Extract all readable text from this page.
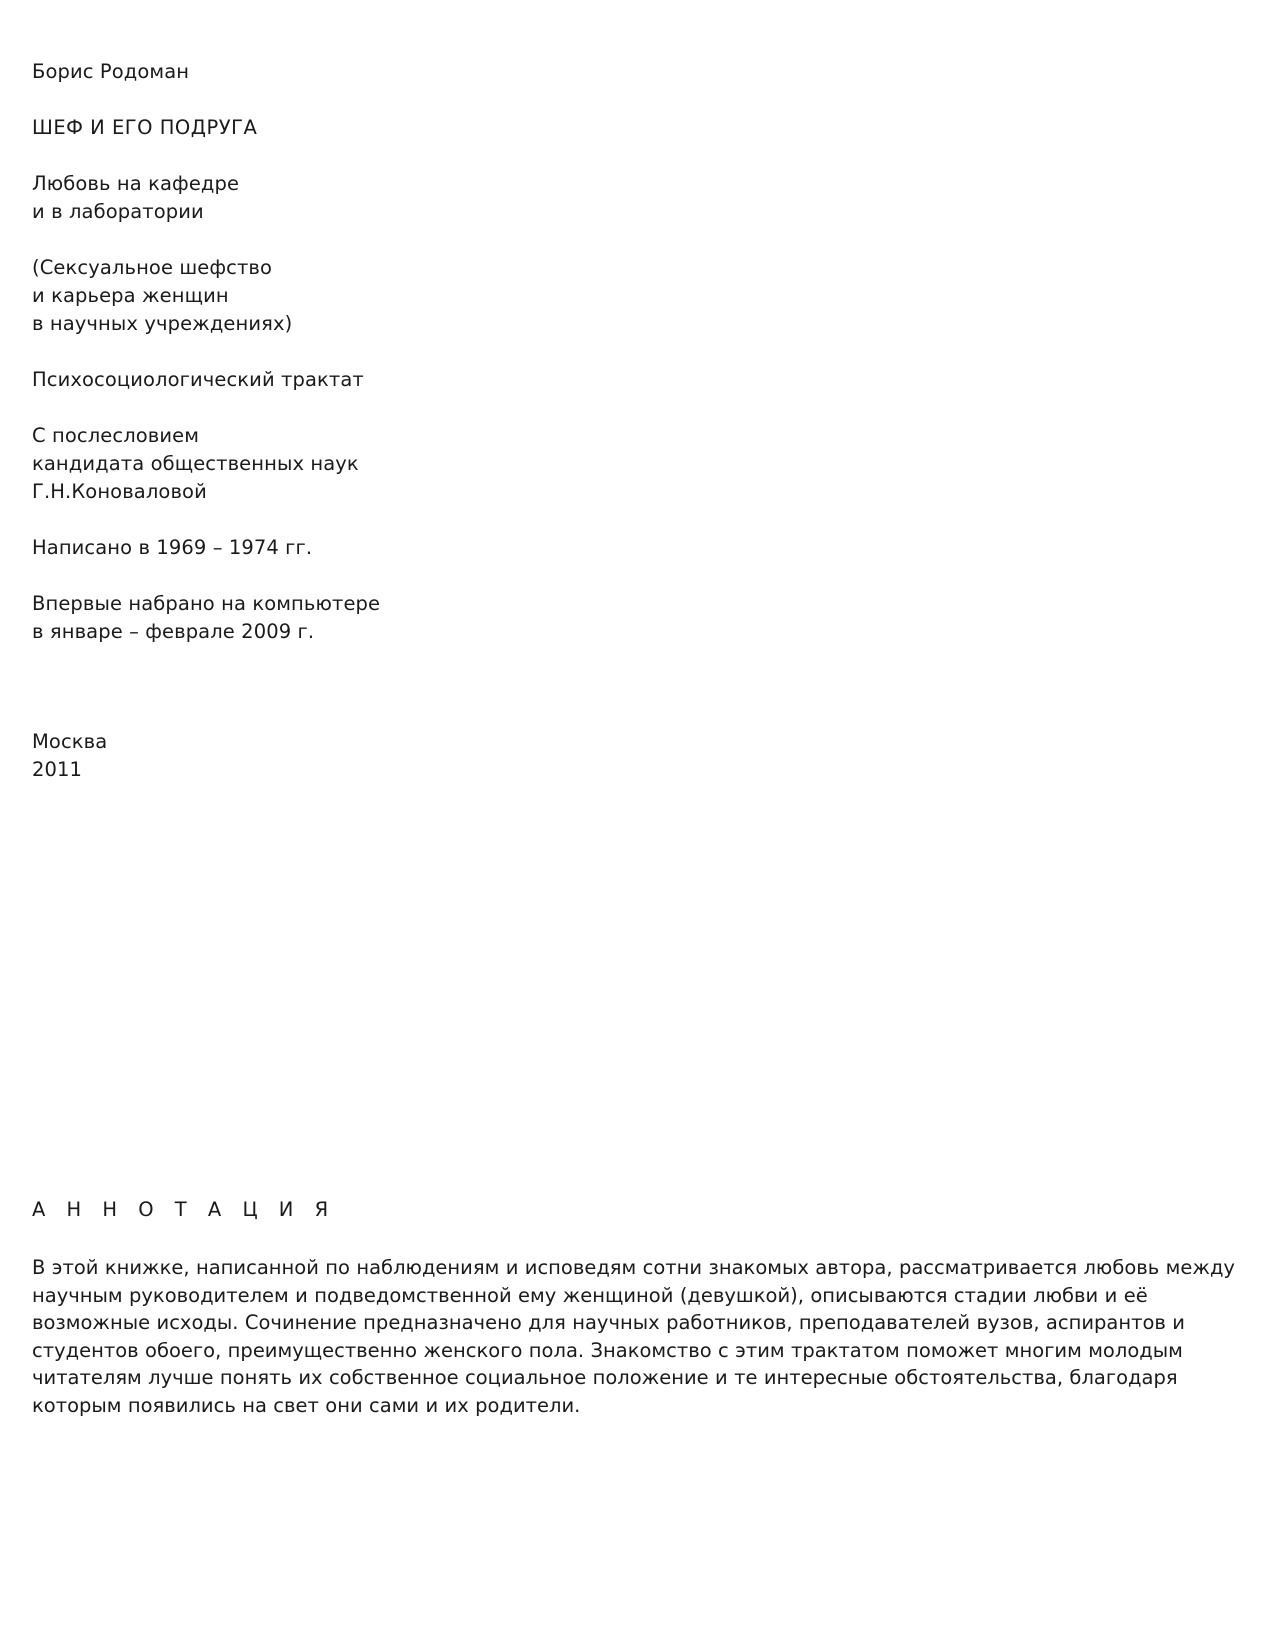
Борис Родоман
ШЕФ И ЕГО ПОДРУГА
Любовь на кафедре
и в лаборатории
(Сексуальное шефство
и карьера женщин
в научных учреждениях)
Психосоциологический трактат
С послесловием
кандидата общественных наук
Г.Н.Коноваловой
Написано в 1969 – 1974 гг.
Впервые набрано на компьютере
в январе – феврале 2009 г.
Москва
2011
А Н Н О Т А Ц И Я

В этой книжке, написанной по наблюдениям и исповедям сотни знакомых автора, рассматривается любовь между научным руководителем и подведомственной ему женщиной (девушкой), описываются стадии любви и её возможные исходы. Сочинение предназначено для научных работников, преподавателей вузов, аспирантов и студентов обоего, преимущественно женского пола. Знакомство с этим трактатом поможет многим молодым читателям лучше понять их собственное социальное положение и те интересные обстоятельства, благодаря которым появились на свет они сами и их родители.
